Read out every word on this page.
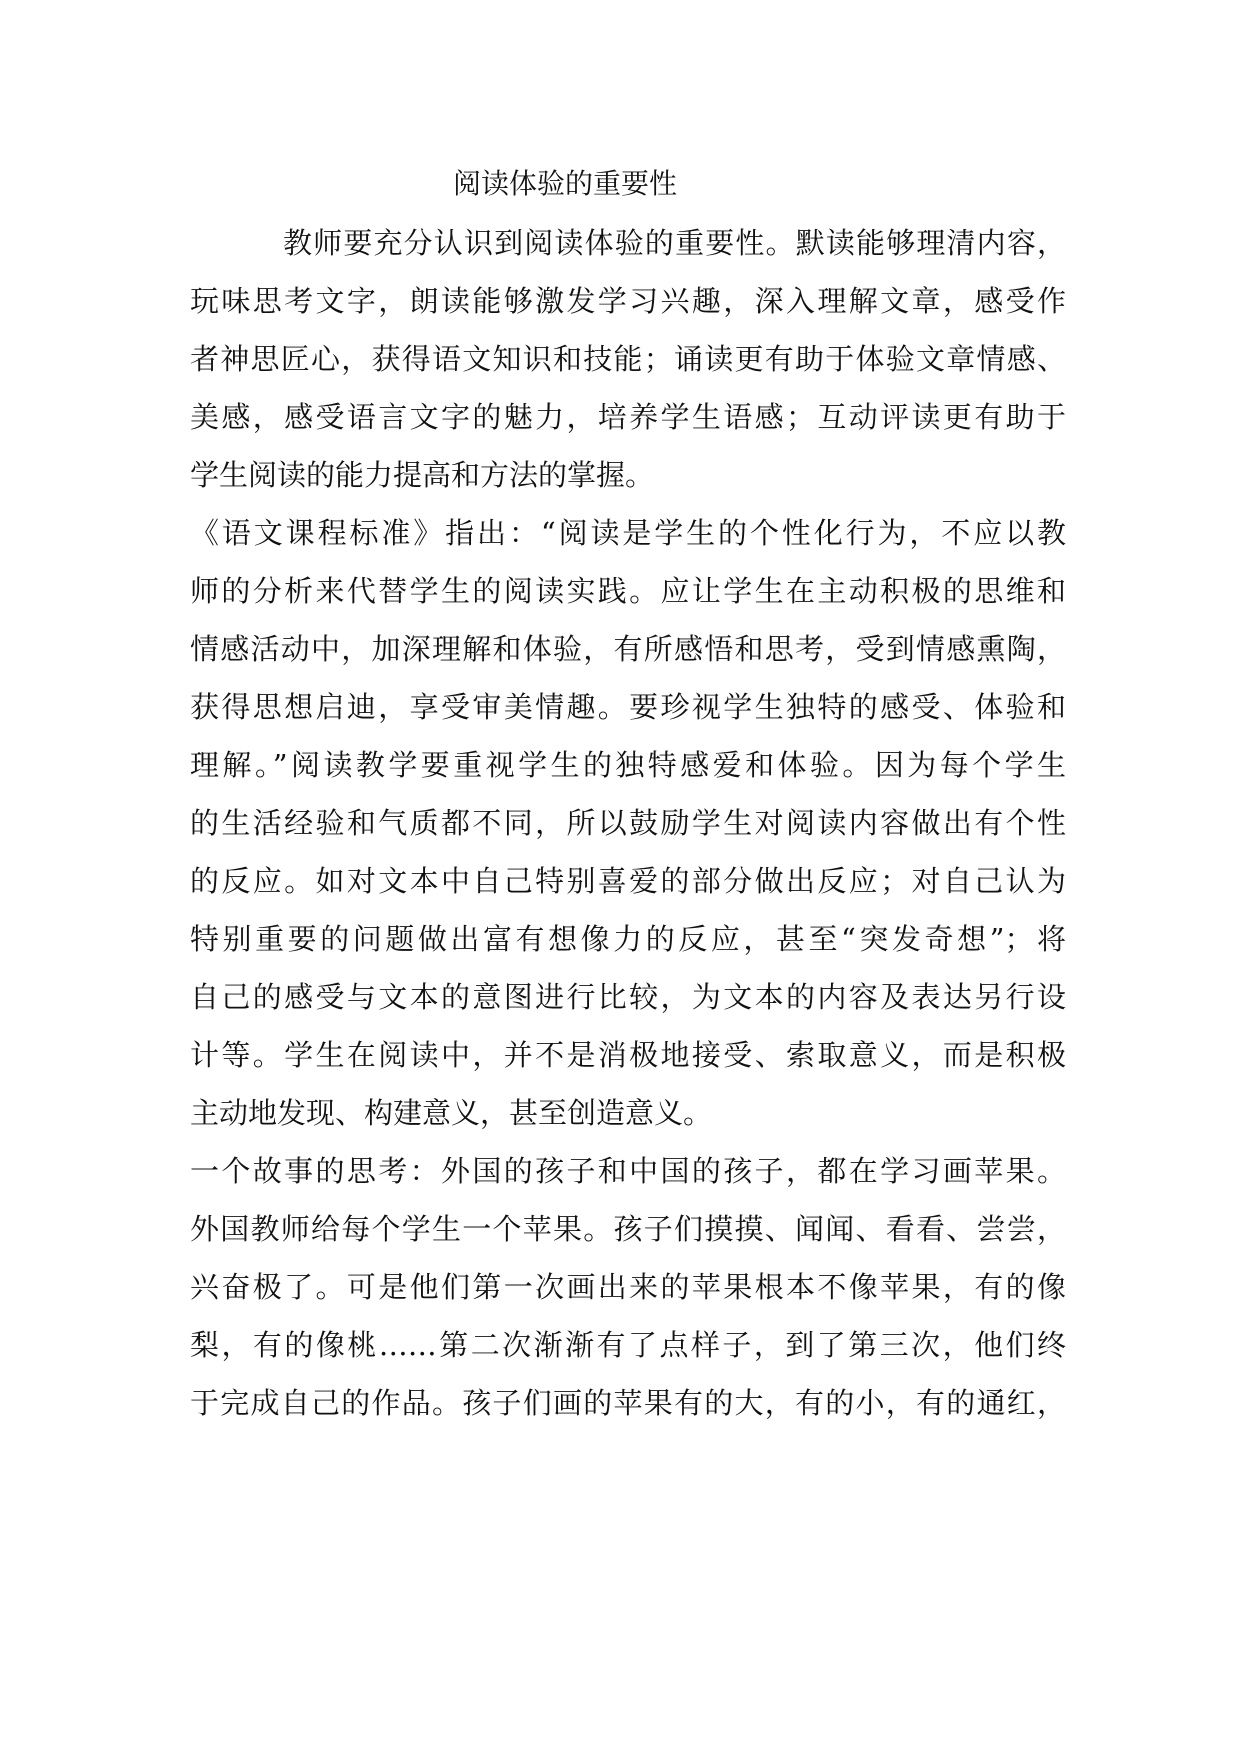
阅读体验的重要性
教师要充分认识到阅读体验的重要性。默读能够理清内容，
玩味思考文字，朗读能够激发学习兴趣，深入理解文章，感受作
者神思匠心，获得语文知识和技能；诵读更有助于体验文章情感、
美感，感受语言文字的魅力，培养学生语感；互动评读更有助于
学生阅读的能力提高和方法的掌握。
《语文课程标准》指出：“阅读是学生的个性化行为，不应以教
师的分析来代替学生的阅读实践。应让学生在主动积极的思维和
情感活动中，加深理解和体验，有所感悟和思考，受到情感熏陶，
获得思想启迪，享受审美情趣。要珍视学生独特的感受、体验和
理解。”阅读教学要重视学生的独特感爱和体验。因为每个学生
的生活经验和气质都不同，所以鼓励学生对阅读内容做出有个性
的反应。如对文本中自己特别喜爱的部分做出反应；对自己认为
特别重要的问题做出富有想像力的反应，甚至“突发奇想”；将
自己的感受与文本的意图进行比较，为文本的内容及表达另行设
计等。学生在阅读中，并不是消极地接受、索取意义，而是积极
主动地发现、构建意义，甚至创造意义。
一个故事的思考：外国的孩子和中国的孩子，都在学习画苹果。
外国教师给每个学生一个苹果。孩子们摸摸、闻闻、看看、尝尝，
兴奋极了。可是他们第一次画出来的苹果根本不像苹果，有的像
梨，有的像桃……第二次渐渐有了点样子，到了第三次，他们终
于完成自己的作品。孩子们画的苹果有的大，有的小，有的通红，
